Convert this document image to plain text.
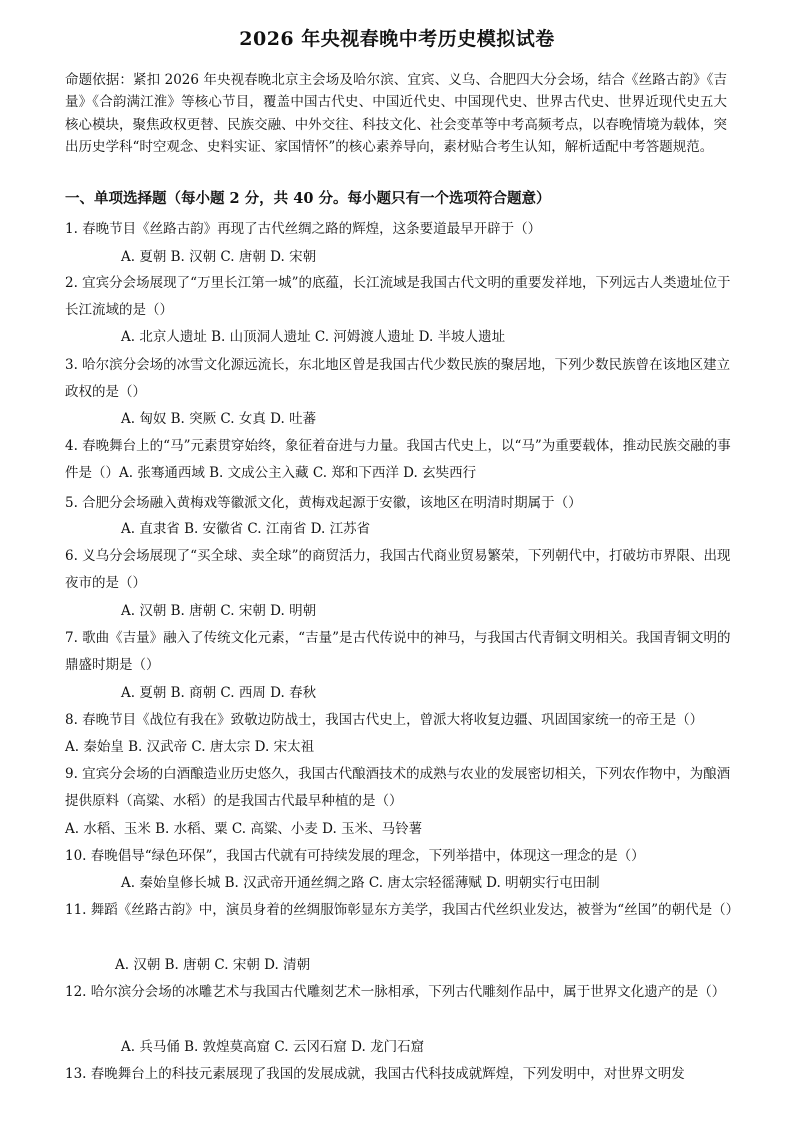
2026 年央视春晚中考历史模拟试卷
命题依据：紧扣 2026 年央视春晚北京主会场及哈尔滨、宜宾、义乌、合肥四大分会场，结合《丝路古韵》《吉量》《合韵满江淮》等核心节目，覆盖中国古代史、中国近代史、中国现代史、世界古代史、世界近现代史五大核心模块，聚焦政权更替、民族交融、中外交往、科技文化、社会变革等中考高频考点，以春晚情境为载体，突出历史学科“时空观念、史料实证、家国情怀”的核心素养导向，素材贴合考生认知，解析适配中考答题规范。
一、单项选择题（每小题 2 分，共 40 分。每小题只有一个选项符合题意）
1. 春晚节目《丝路古韵》再现了古代丝绸之路的辉煌，这条要道最早开辟于（）
A. 夏朝 B. 汉朝 C. 唐朝 D. 宋朝
2. 宜宾分会场展现了“万里长江第一城”的底蕴，长江流域是我国古代文明的重要发祥地，下列远古人类遗址位于长江流域的是（）
A. 北京人遗址 B. 山顶洞人遗址 C. 河姆渡人遗址 D. 半坡人遗址
3. 哈尔滨分会场的冰雪文化源远流长，东北地区曾是我国古代少数民族的聚居地，下列少数民族曾在该地区建立政权的是（）
A. 匈奴 B. 突厥 C. 女真 D. 吐蕃
4. 春晚舞台上的“马”元素贯穿始终，象征着奋进与力量。我国古代史上，以“马”为重要载体，推动民族交融的事件是（）A. 张骞通西域 B. 文成公主入藏 C. 郑和下西洋 D. 玄奘西行
5. 合肥分会场融入黄梅戏等徽派文化，黄梅戏起源于安徽，该地区在明清时期属于（）
A. 直隶省 B. 安徽省 C. 江南省 D. 江苏省
6. 义乌分会场展现了“买全球、卖全球”的商贸活力，我国古代商业贸易繁荣，下列朝代中，打破坊市界限、出现夜市的是（）
A. 汉朝 B. 唐朝 C. 宋朝 D. 明朝
7. 歌曲《吉量》融入了传统文化元素，“吉量”是古代传说中的神马，与我国古代青铜文明相关。我国青铜文明的鼎盛时期是（）
A. 夏朝 B. 商朝 C. 西周 D. 春秋
8. 春晚节目《战位有我在》致敬边防战士，我国古代史上，曾派大将收复边疆、巩固国家统一的帝王是（）
A. 秦始皇 B. 汉武帝 C. 唐太宗 D. 宋太祖
9. 宜宾分会场的白酒酿造业历史悠久，我国古代酿酒技术的成熟与农业的发展密切相关，下列农作物中，为酿酒提供原料（高粱、水稻）的是我国古代最早种植的是（）
A. 水稻、玉米 B. 水稻、粟 C. 高粱、小麦 D. 玉米、马铃薯
10. 春晚倡导“绿色环保”，我国古代就有可持续发展的理念，下列举措中，体现这一理念的是（）
A. 秦始皇修长城 B. 汉武帝开通丝绸之路 C. 唐太宗轻徭薄赋 D. 明朝实行屯田制
11. 舞蹈《丝路古韵》中，演员身着的丝绸服饰彰显东方美学，我国古代丝织业发达，被誉为“丝国”的朝代是（）
A. 汉朝 B. 唐朝 C. 宋朝 D. 清朝
12. 哈尔滨分会场的冰雕艺术与我国古代雕刻艺术一脉相承，下列古代雕刻作品中，属于世界文化遗产的是（）
A. 兵马俑 B. 敦煌莫高窟 C. 云冈石窟 D. 龙门石窟
13. 春晚舞台上的科技元素展现了我国的发展成就，我国古代科技成就辉煌，下列发明中，对世界文明发
